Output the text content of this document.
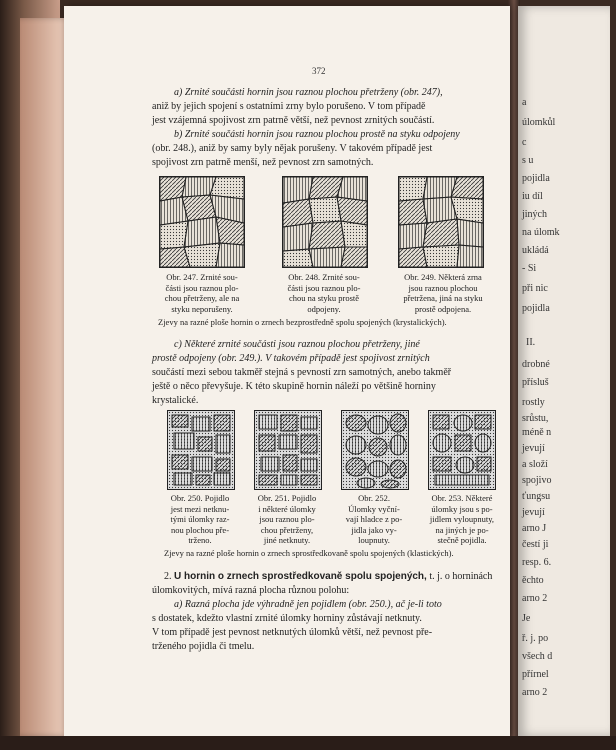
372
a) Zrnité součásti hornin jsou raznou plochou přetrženy (obr. 247),
aniž by jejich spojení s ostatními zrny bylo porušeno. V tom případě
jest vzájemná spojivost zrn patrně větší, než pevnost zrnitých součástí.
b) Zrnité součásti hornin jsou raznou plochou prostě na styku odpojeny
(obr. 248.), aniž by samy byly nějak porušeny. V takovém případě jest
spojivost zrn patrně menší, než pevnost zrn samotných.
Obr. 247. Zrnité sou-
části jsou raznou plo-
chou přetrženy, ale na
styku neporušeny.
Obr. 248. Zrnité sou-
části jsou raznou plo-
chou na styku prostě
odpojeny.
Obr. 249. Některá zrna
jsou raznou plochou
přetržena, jiná na styku
prostě odpojena.
Zjevy na razné ploše hornin o zrnech bezprostředně spolu spojených (krystalických).
c) Některé zrnité součásti jsou raznou plochou přetrženy, jiné
prostě odpojeny (obr. 249.). V takovém případě jest spojivost zrnitých
součástí mezi sebou takměř stejná s pevností zrn samotných, anebo takměř
ještě o něco převyšuje. K této skupině hornin náleží po většině horniny
krystalické.
Obr. 250. Pojidlo
jest mezi netknu-
tými úlomky raz-
nou plochou pře-
trženo.
Obr. 251. Pojidlo
i některé úlomky
jsou raznou plo-
chou přetrženy,
jiné netknuty.
Obr. 252.
Úlomky vyční-
vají hladce z po-
jidla jako vy-
loupnuty.
Obr. 253. Některé
úlomky jsou s po-
jidlem vyloupnuty,
na jiných je po-
stečně pojidla.
Zjevy na razné ploše hornin o zrnech sprostředkovaně spolu spojených (klastických).
2. U hornin o zrnech sprostředkovaně spolu spojených, t. j. o horninách
úlomkovitých, mívá razná plocha různou polohu:
a) Razná plocha jde výhradně jen pojidlem (obr. 250.), ač je-li toto
s dostatek, kdežto vlastní zrnité úlomky horniny zůstávají netknuty.
V tom případě jest pevnost netknutých úlomků větší, než pevnost pře-
trženého pojidla či tmelu.
a
úlomkůl
c
s u
pojidla
iu díl
jiných
na úlomk
ukládá
- Si
při nic
pojidla
II.
drobné
přísluš
rostly
srůstu,
méně n
jevují
a složí
spojivo
ťungsu
jevují
arno J
čestí ji
resp. 6.
ěchto
arno 2
Je
ř. j. po
všech d
přírnel
arno 2
